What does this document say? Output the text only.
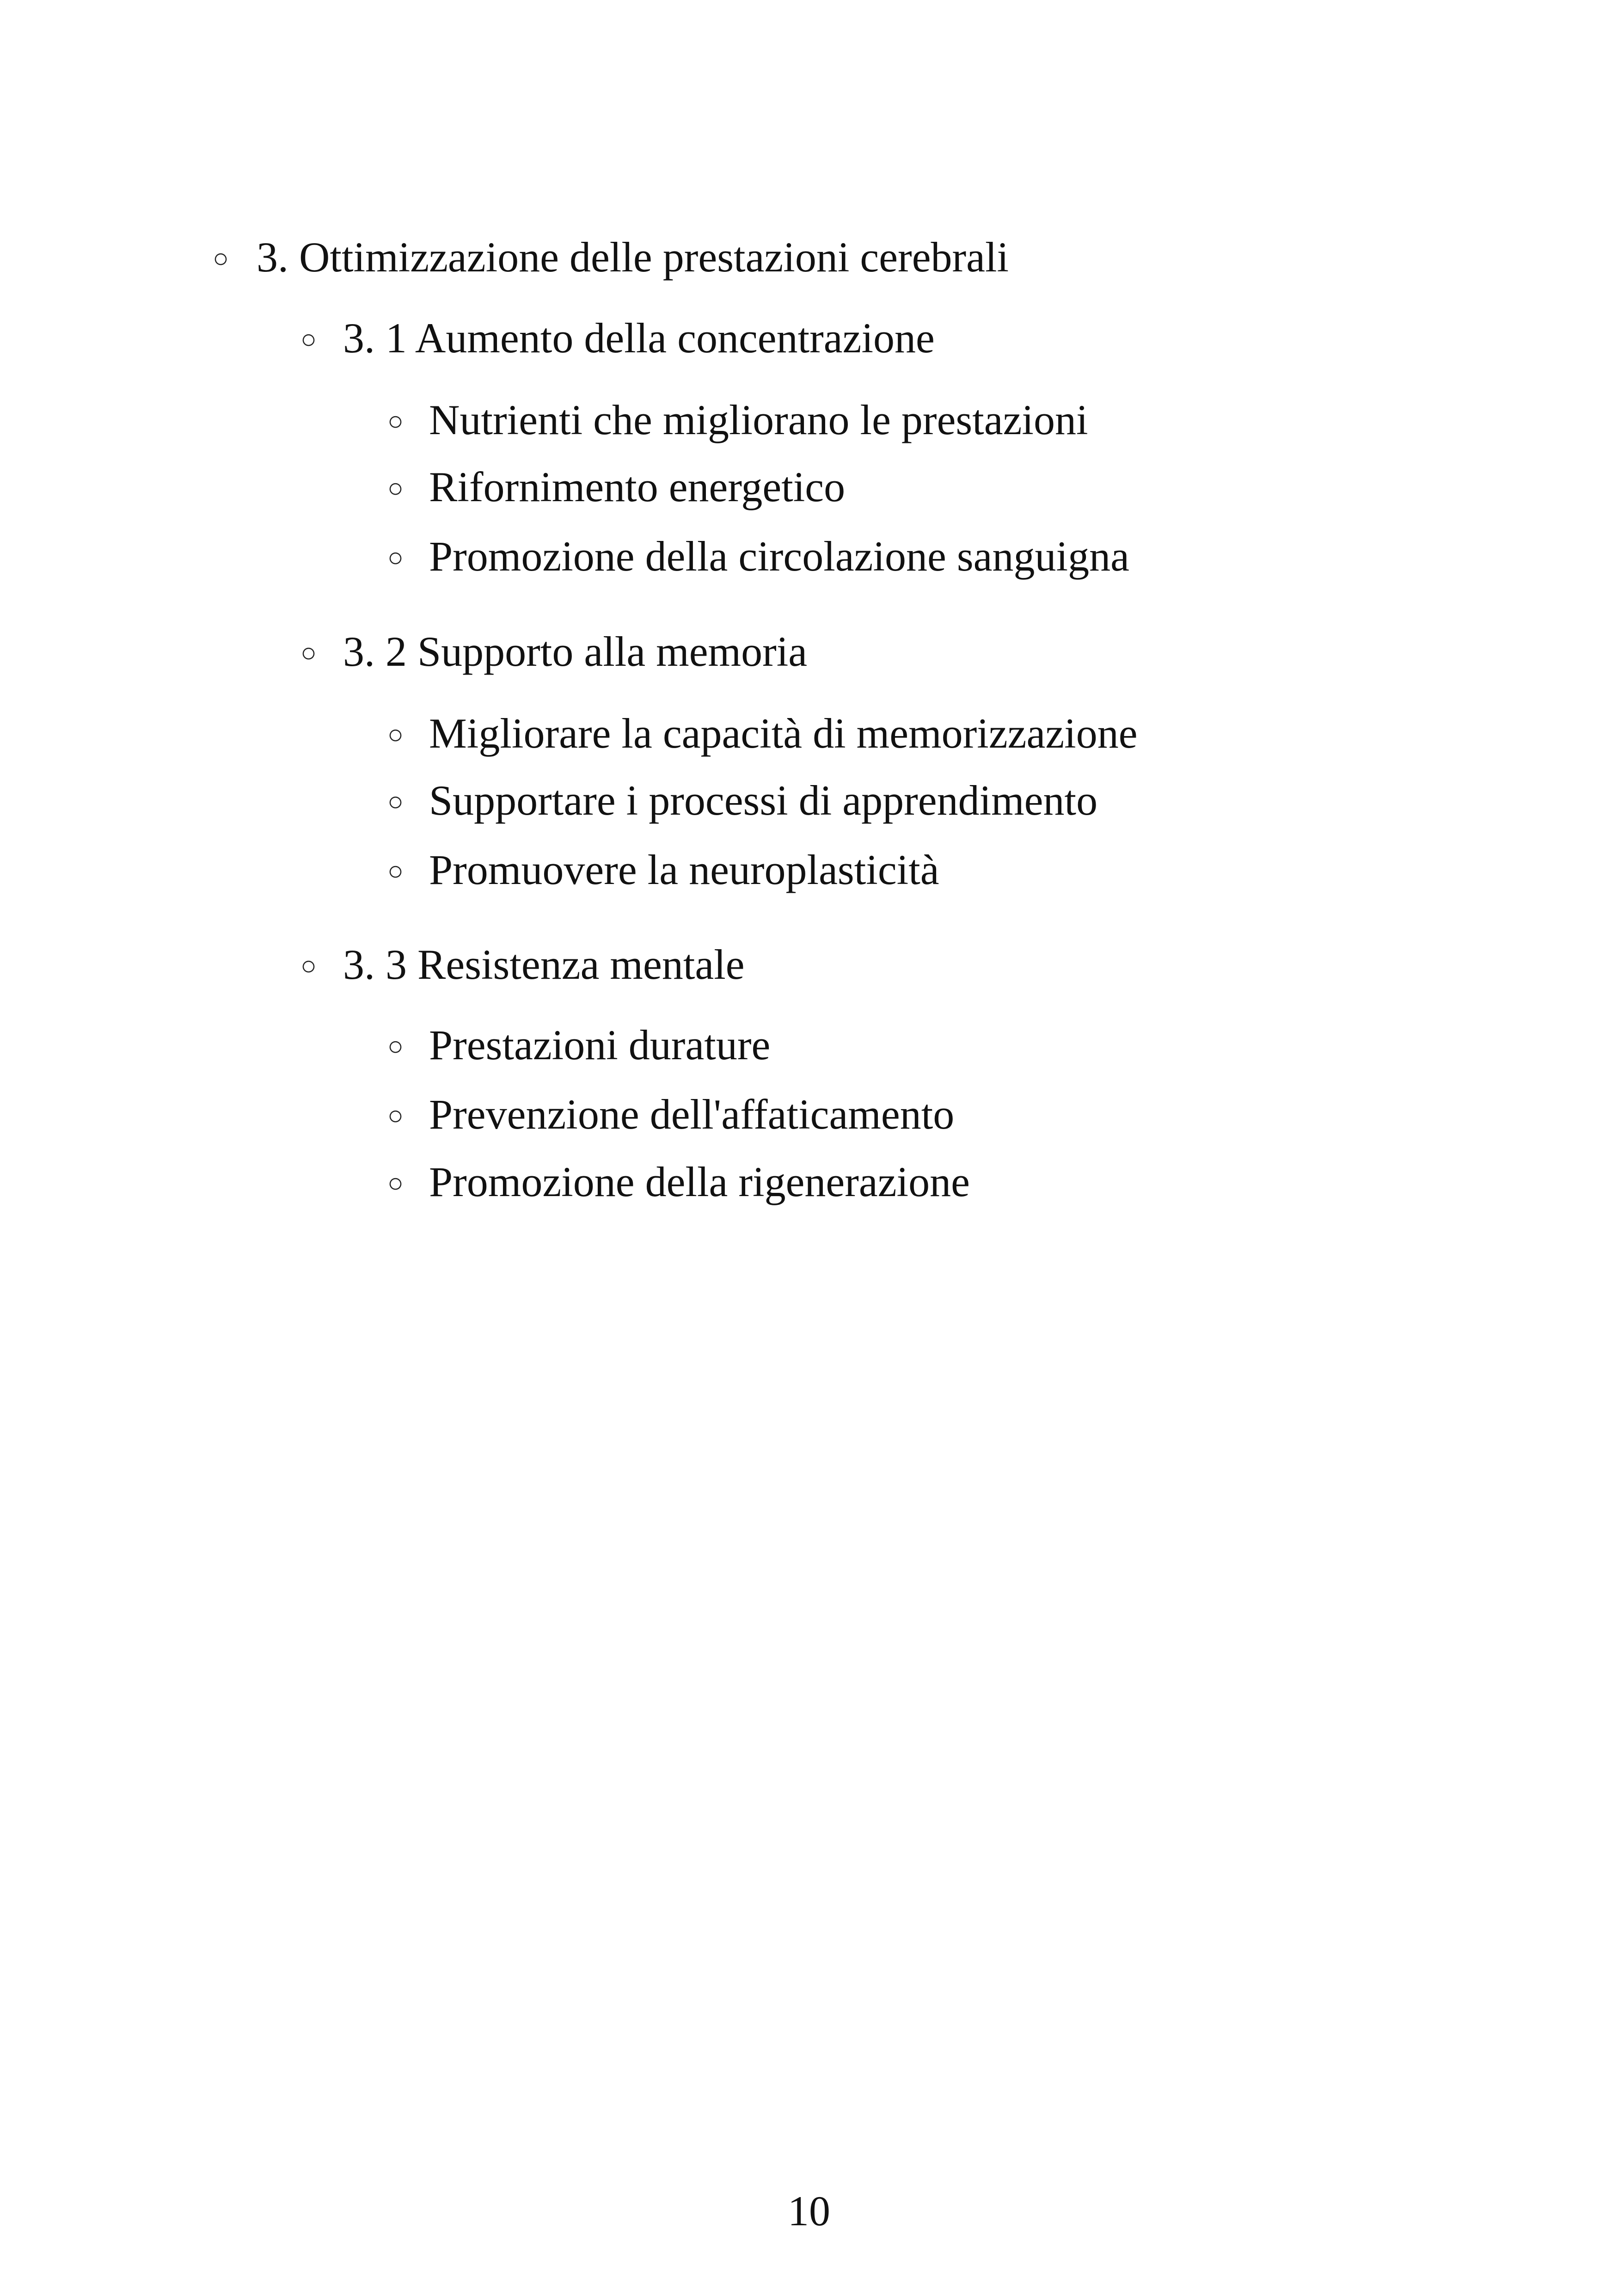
○ 3. Ottimizzazione delle prestazioni cerebrali
○ 3. 1 Aumento della concentrazione
○ Nutrienti che migliorano le prestazioni
○ Rifornimento energetico
○ Promozione della circolazione sanguigna
○ 3. 2 Supporto alla memoria
○ Migliorare la capacità di memorizzazione
○ Supportare i processi di apprendimento
○ Promuovere la neuroplasticità
○ 3. 3 Resistenza mentale
○ Prestazioni durature
○ Prevenzione dell'affaticamento
○ Promozione della rigenerazione
10
